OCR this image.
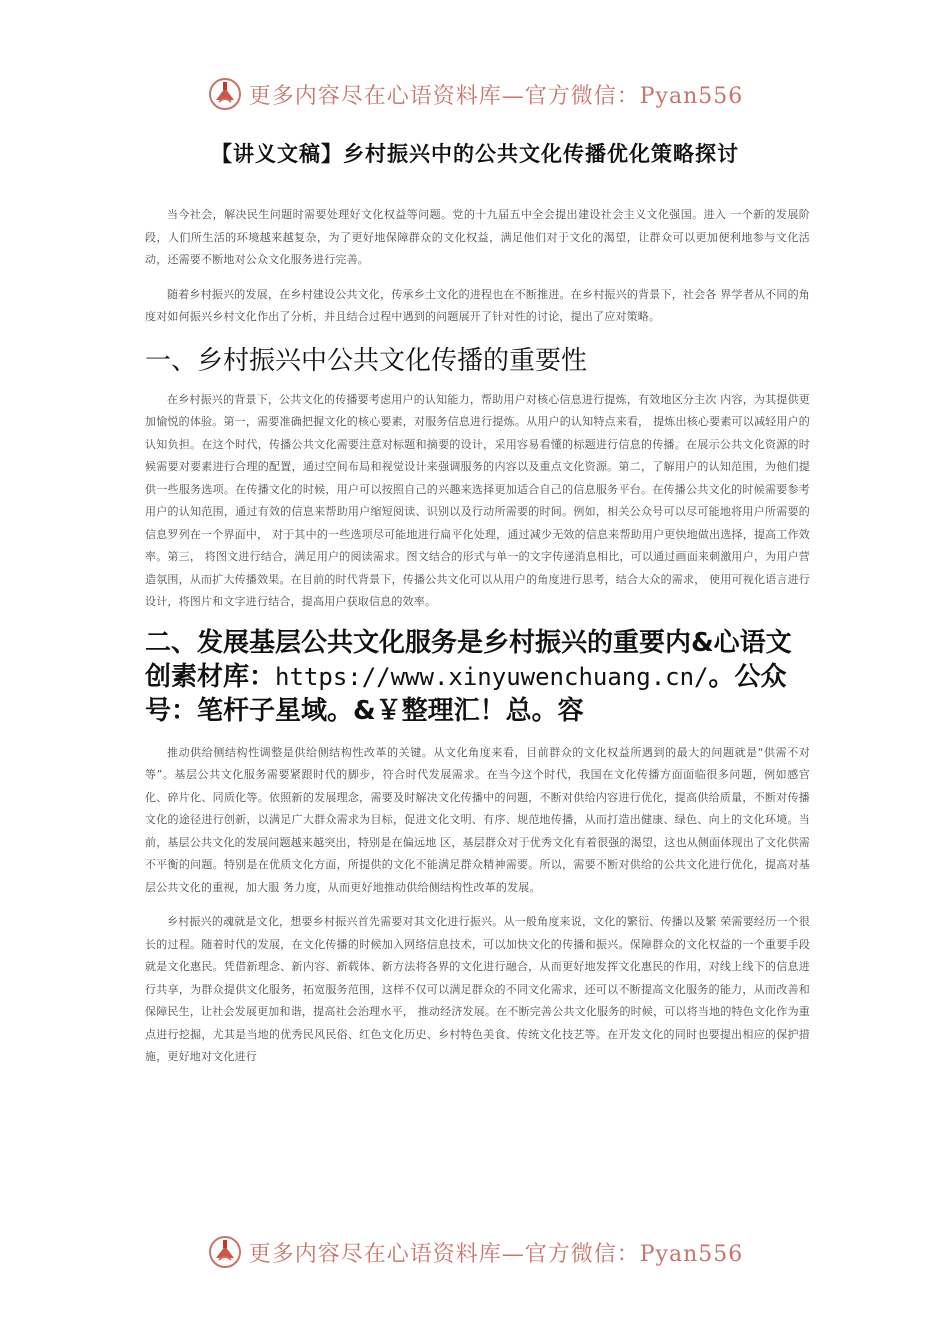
更多内容尽在心语资料库—官方微信：Pyan556
【讲义文稿】乡村振兴中的公共文化传播优化策略探讨

当今社会，解决民生问题时需要处理好文化权益等问题。党的十九届五中全会提出建设社会主义文化强国。进入 一个新的发展阶段，人们所生活的环境越来越复杂，为了更好地保障群众的文化权益，满足他们对于文化的渴望，让群众可以更加便利地参与文化活动，还需要不断地对公众文化服务进行完善。

随着乡村振兴的发展，在乡村建设公共文化，传承乡土文化的进程也在不断推进。在乡村振兴的背景下，社会各 界学者从不同的角度对如何振兴乡村文化作出了分析，并且结合过程中遇到的问题展开了针对性的讨论，提出了应对策略。

一、乡村振兴中公共文化传播的重要性

在乡村振兴的背景下，公共文化的传播要考虑用户的认知能力，帮助用户对核心信息进行提炼，有效地区分主次 内容，为其提供更加愉悦的体验。第一，需要准确把握文化的核心要素，对服务信息进行提炼。从用户的认知特点来看， 提炼出核心要素可以减轻用户的认知负担。在这个时代，传播公共文化需要注意对标题和摘要的设计，采用容易看懂的标题进行信息的传播。在展示公共文化资源的时候需要对要素进行合理的配置，通过空间布局和视觉设计来强调服务的内容以及重点文化资源。第二，了解用户的认知范围，为他们提供一些服务选项。在传播文化的时候，用户可以按照自己的兴趣来选择更加适合自己的信息服务平台。在传播公共文化的时候需要参考用户的认知范围，通过有效的信息来帮助用户缩短阅读、识别以及行动所需要的时间。例如，相关公众号可以尽可能地将用户所需要的信息罗列在一个界面中， 对于其中的一些选项尽可能地进行扁平化处理，通过减少无效的信息来帮助用户更快地做出选择，提高工作效率。第三， 将图文进行结合，满足用户的阅读需求。图文结合的形式与单一的文字传递消息相比，可以通过画面来刺激用户，为用户营造氛围，从而扩大传播效果。在目前的时代背景下，传播公共文化可以从用户的角度进行思考，结合大众的需求， 使用可视化语言进行设计，将图片和文字进行结合，提高用户获取信息的效率。

二、发展基层公共文化服务是乡村振兴的重要内&心语文创素材库：https://www.xinyuwenchuang.cn/。公众号：笔杆子星域。&￥整理汇！总。容

推动供给侧结构性调整是供给侧结构性改革的关键。从文化角度来看，目前群众的文化权益所遇到的最大的问题就是“供需不对等”。基层公共文化服务需要紧跟时代的脚步，符合时代发展需求。在当今这个时代，我国在文化传播方面面临很多问题，例如感官化、碎片化、同质化等。依照新的发展理念，需要及时解决文化传播中的问题，不断对供给内容进行优化，提高供给质量，不断对传播文化的途径进行创新，以满足广大群众需求为目标，促进文化文明、有序、规范地传播，从而打造出健康、绿色、向上的文化环境。当前，基层公共文化的发展问题越来越突出，特别是在偏远地 区，基层群众对于优秀文化有着很强的渴望，这也从侧面体现出了文化供需不平衡的问题。特别是在优质文化方面，所提供的文化不能满足群众精神需要。所以，需要不断对供给的公共文化进行优化，提高对基层公共文化的重视，加大服 务力度，从而更好地推动供给侧结构性改革的发展。

乡村振兴的魂就是文化，想要乡村振兴首先需要对其文化进行振兴。从一般角度来说，文化的繁衍、传播以及繁 荣需要经历一个很长的过程。随着时代的发展，在文化传播的时候加入网络信息技术，可以加快文化的传播和振兴。保障群众的文化权益的一个重要手段就是文化惠民。凭借新理念、新内容、新载体、新方法将各界的文化进行融合，从而更好地发挥文化惠民的作用，对线上线下的信息进行共享，为群众提供文化服务，拓宽服务范围，这样不仅可以满足群众的不同文化需求，还可以不断提高文化服务的能力，从而改善和保障民生，让社会发展更加和谐，提高社会治理水平， 推动经济发展。在不断完善公共文化服务的时候，可以将当地的特色文化作为重点进行挖掘，尤其是当地的优秀民风民俗、红色文化历史、乡村特色美食、传统文化技艺等。在开发文化的同时也要提出相应的保护措施，更好地对文化进行

更多内容尽在心语资料库—官方微信：Pyan556
